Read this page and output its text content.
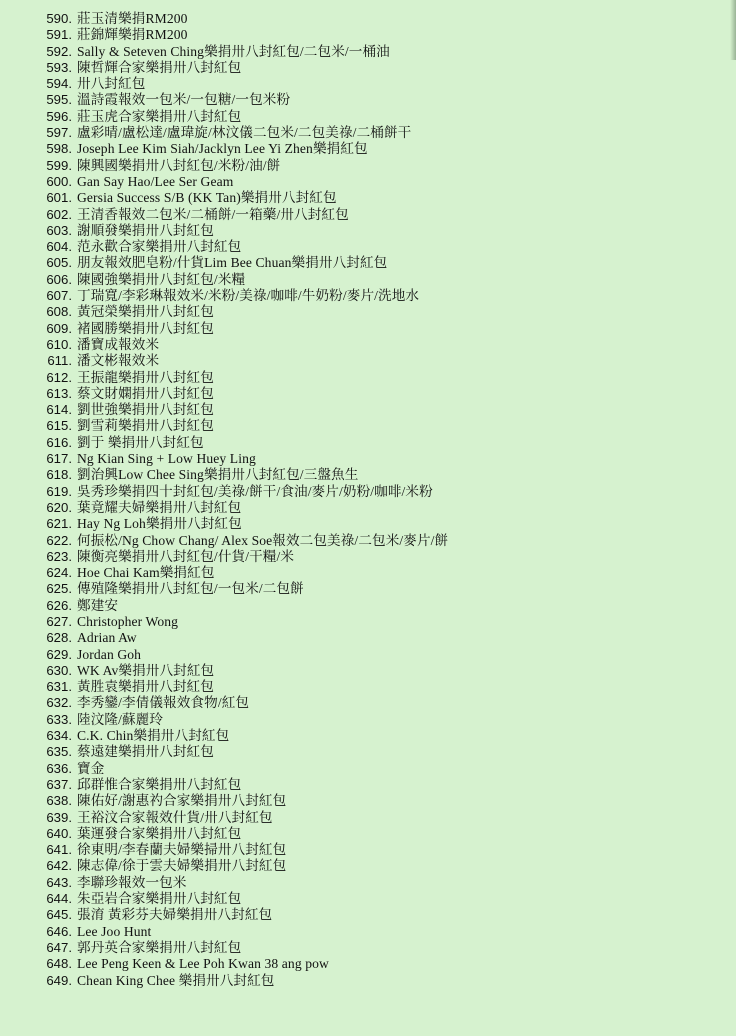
590. 莊玉清樂捐RM200
591. 莊錦輝樂捐RM200
592. Sally & Seteven Ching樂捐卅八封紅包/二包米/一桶油
593. 陳哲輝合家樂捐卅八封紅包
594. 卅八封紅包
595. 溫詩霞報效一包米/一包糖/一包米粉
596. 莊玉虎合家樂捐卅八封紅包
597. 盧彩晴/盧松達/盧瑋旋/林汶儀二包米/二包美祿/二桶餅干
598. Joseph Lee Kim Siah/Jacklyn Lee Yi Zhen樂捐紅包
599. 陳興國樂捐卅八封紅包/米粉/油/餅
600. Gan Say Hao/Lee Ser Geam
601. Gersia Success S/B (KK Tan)樂捐卅八封紅包
602. 王清香報效二包米/二桶餅/一箱藥/卅八封紅包
603. 謝順發樂捐卅八封紅包
604. 范永歡合家樂捐卅八封紅包
605. 朋友報效肥皂粉/什貨Lim Bee Chuan樂捐卅八封紅包
606. 陳國強樂捐卅八封紅包/米糧
607. 丁瑞寬/李彩琳報效米/米粉/美祿/咖啡/牛奶粉/麥片/洗地水
608. 黃冠榮樂捐卅八封紅包
609. 褚國勝樂捐卅八封紅包
610. 潘寶成報效米
611. 潘文彬報效米
612. 王振龍樂捐卅八封紅包
613. 蔡文財嫻捐卅八封紅包
614. 劉世強樂捐卅八封紅包
615. 劉雪莉樂捐卅八封紅包
616. 劉于 樂捐卅八封紅包
617. Ng Kian Sing + Low Huey Ling
618. 劉治興Low Chee Sing樂捐卅八封紅包/三盤魚生
619. 吳秀珍樂捐四十封紅包/美祿/餅干/食油/麥片/奶粉/咖啡/米粉
620. 葉竟耀夫婦樂捐卅八封紅包
621. Hay Ng Loh樂捐卅八封紅包
622. 何振松/Ng Chow Chang/ Alex Soe報效二包美祿/二包米/麥片/餅
623. 陳衡亮樂捐卅八封紅包/什貨/干糧/米
624. Hoe Chai Kam樂捐紅包
625. 傳殖隆樂捐卅八封紅包/一包米/二包餅
626. 鄭建安
627. Christopher Wong
628. Adrian Aw
629. Jordan Goh
630. WK Av樂捐卅八封紅包
631. 黃胜袁樂捐卅八封紅包
632. 李秀鑾/李倩儀報效食物/紅包
633. 陸汶隆/蘇麗玲
634. C.K. Chin樂捐卅八封紅包
635. 蔡遠建樂捐卅八封紅包
636. 寶金
637. 邱群惟合家樂捐卅八封紅包
638. 陳佑好/謝惠礿合家樂捐卅八封紅包
639. 王裕汶合家報效什貨/卅八封紅包
640. 葉運發合家樂捐卅八封紅包
641. 徐東明/李春蘭夫婦樂掃卅八封紅包
642. 陳志偉/徐于雲夫婦樂捐卅八封紅包
643. 李聯珍報效一包米
644. 朱亞岩合家樂捐卅八封紅包
645. 張淯 黃彩芬夫婦樂捐卅八封紅包
646. Lee Joo Hunt
647. 郭丹英合家樂捐卅八封紅包
648. Lee Peng Keen & Lee Poh Kwan 38 ang pow
649. Chean King Chee 樂捐卅八封紅包
